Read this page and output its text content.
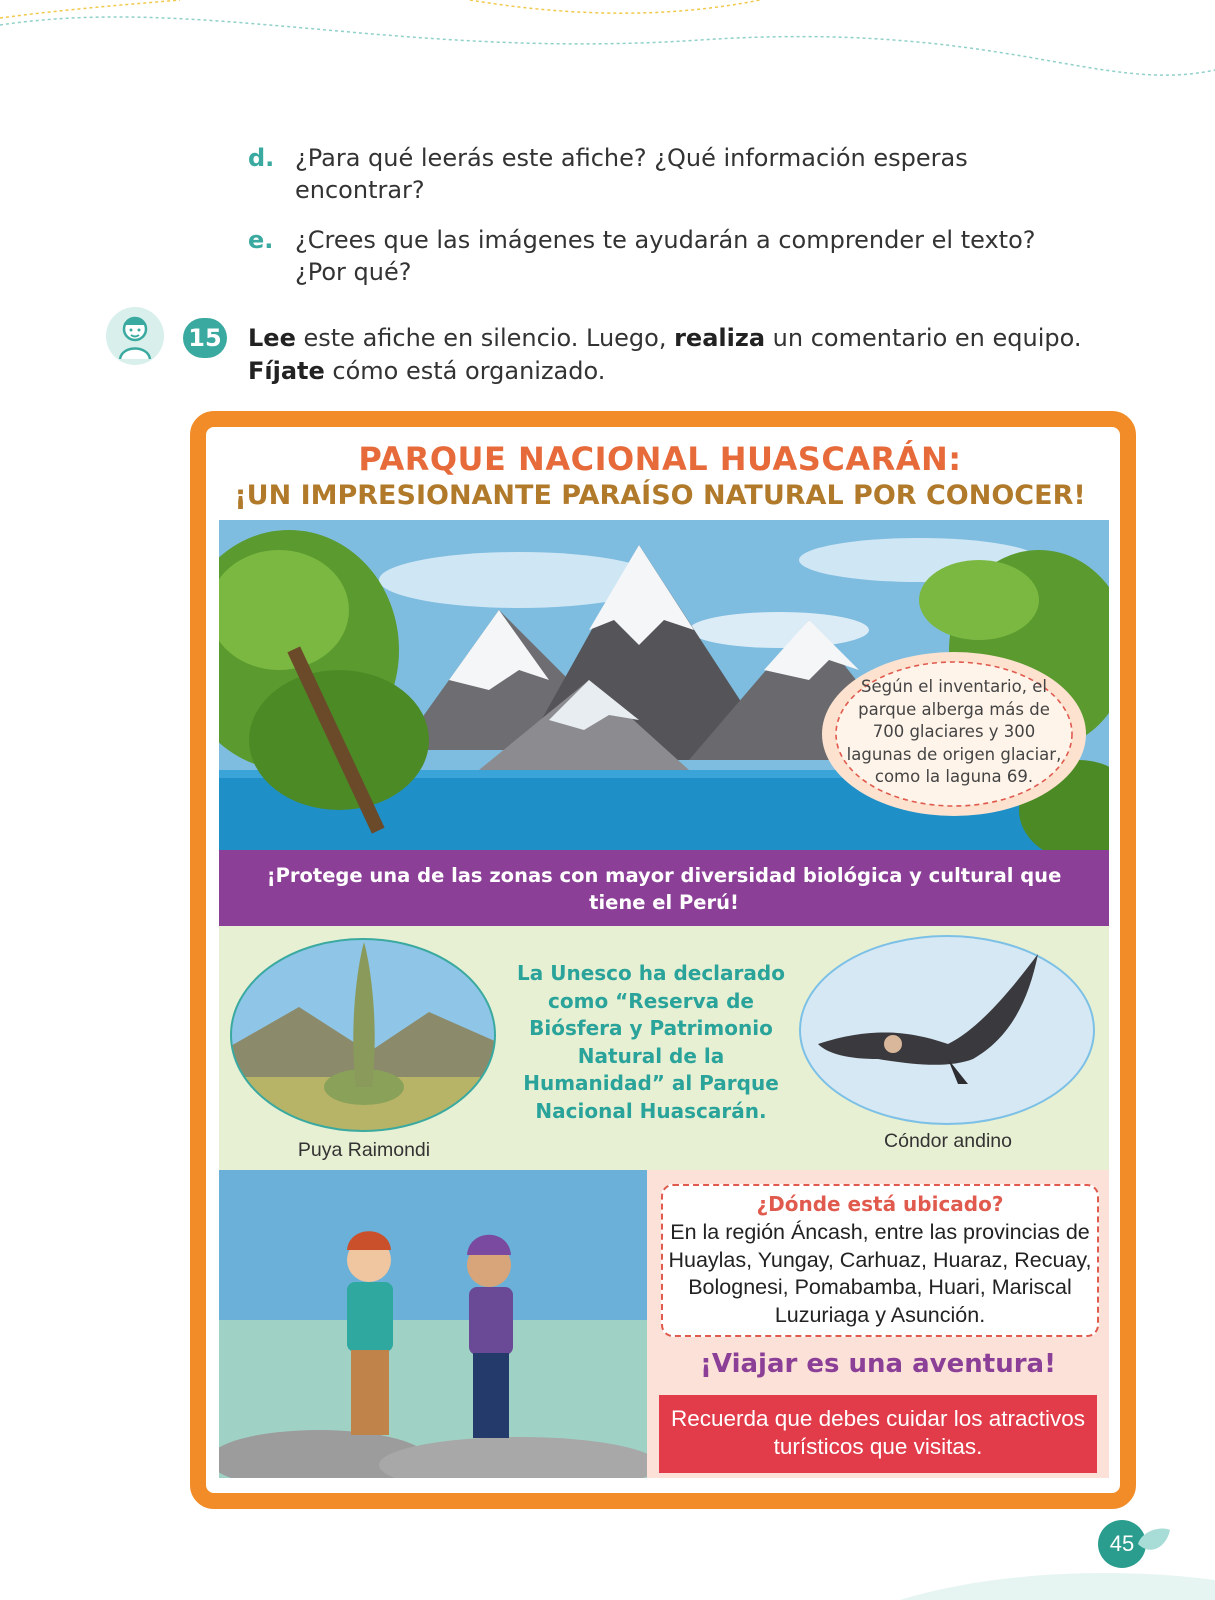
d. ¿Para qué leerás este afiche? ¿Qué información esperas encontrar?
e. ¿Crees que las imágenes te ayudarán a comprender el texto? ¿Por qué?
15 Lee este afiche en silencio. Luego, realiza un comentario en equipo. Fíjate cómo está organizado.
PARQUE NACIONAL HUASCARÁN:
¡UN IMPRESIONANTE PARAÍSO NATURAL POR CONOCER!
Según el inventario, el parque alberga más de 700 glaciares y 300 lagunas de origen glaciar, como la laguna 69.
¡Protege una de las zonas con mayor diversidad biológica y cultural que tiene el Perú!
La Unesco ha declarado como “Reserva de Biósfera y Patrimonio Natural de la Humanidad” al Parque Nacional Huascarán.
Puya Raimondi	Cóndor andino
¿Dónde está ubicado?
En la región Áncash, entre las provincias de Huaylas, Yungay, Carhuaz, Huaraz, Recuay, Bolognesi, Pomabamba, Huari, Mariscal Luzuriaga y Asunción.
¡Viajar es una aventura!
Recuerda que debes cuidar los atractivos turísticos que visitas.
45
